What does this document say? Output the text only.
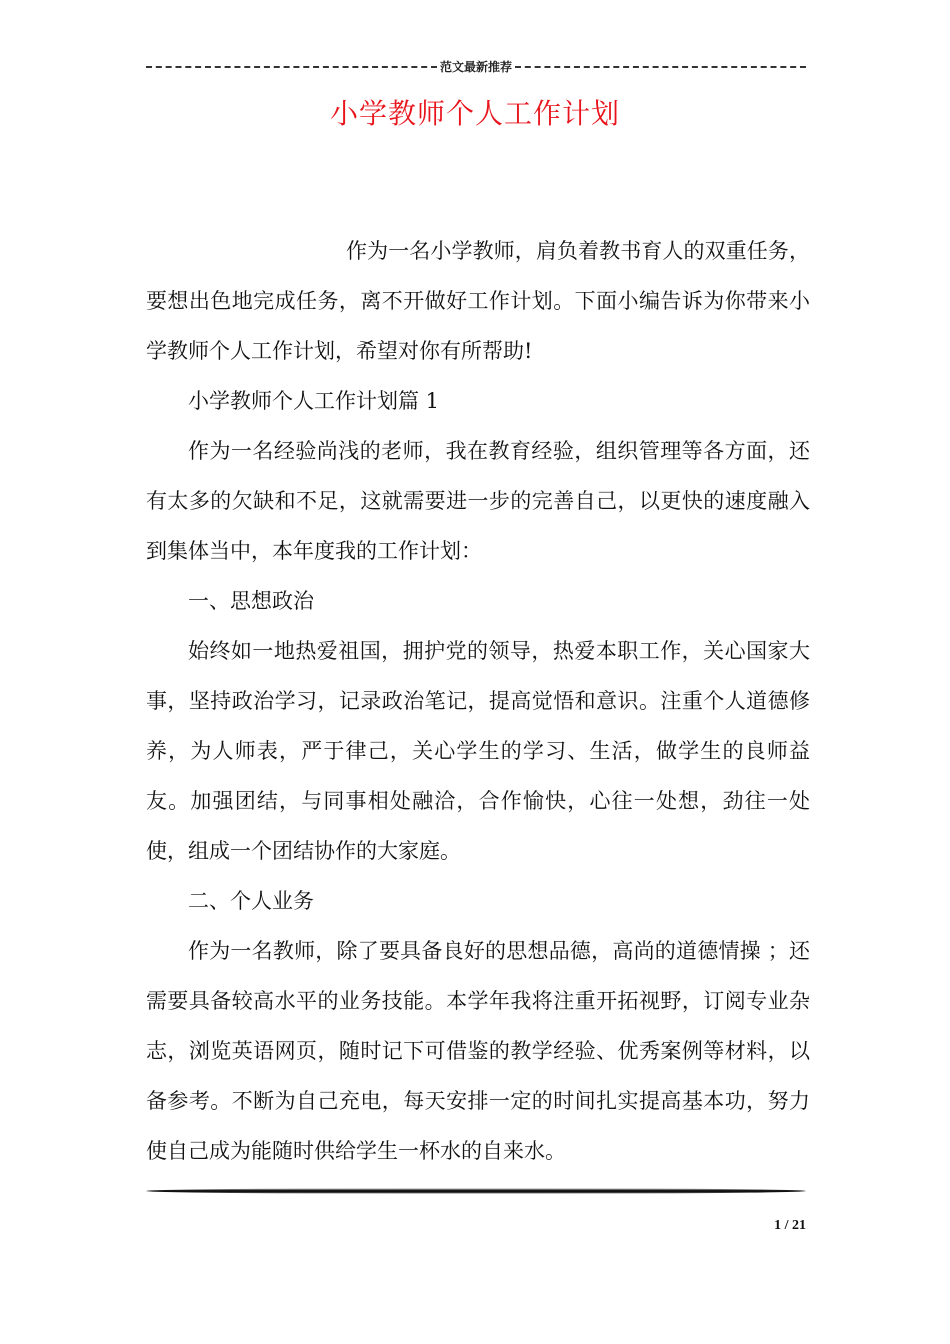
范文最新推荐
小学教师个人工作计划

作为一名小学教师，肩负着教书育人的双重任务，要想出色地完成任务，离不开做好工作计划。下面小编告诉为你带来小学教师个人工作计划，希望对你有所帮助!

小学教师个人工作计划篇 1

作为一名经验尚浅的老师，我在教育经验，组织管理等各方面，还有太多的欠缺和不足，这就需要进一步的完善自己，以更快的速度融入到集体当中，本年度我的工作计划：

一、思想政治

始终如一地热爱祖国，拥护党的领导，热爱本职工作，关心国家大事，坚持政治学习，记录政治笔记，提高觉悟和意识。注重个人道德修养，为人师表，严于律己，关心学生的学习、生活，做学生的良师益友。加强团结，与同事相处融洽，合作愉快，心往一处想，劲往一处使，组成一个团结协作的大家庭。

二、个人业务

作为一名教师，除了要具备良好的思想品德，高尚的道德情操 ；还需要具备较高水平的业务技能。本学年我将注重开拓视野，订阅专业杂志，浏览英语网页，随时记下可借鉴的教学经验、优秀案例等材料，以备参考。不断为自己充电，每天安排一定的时间扎实提高基本功，努力使自己成为能随时供给学生一杯水的自来水。

1 / 21
